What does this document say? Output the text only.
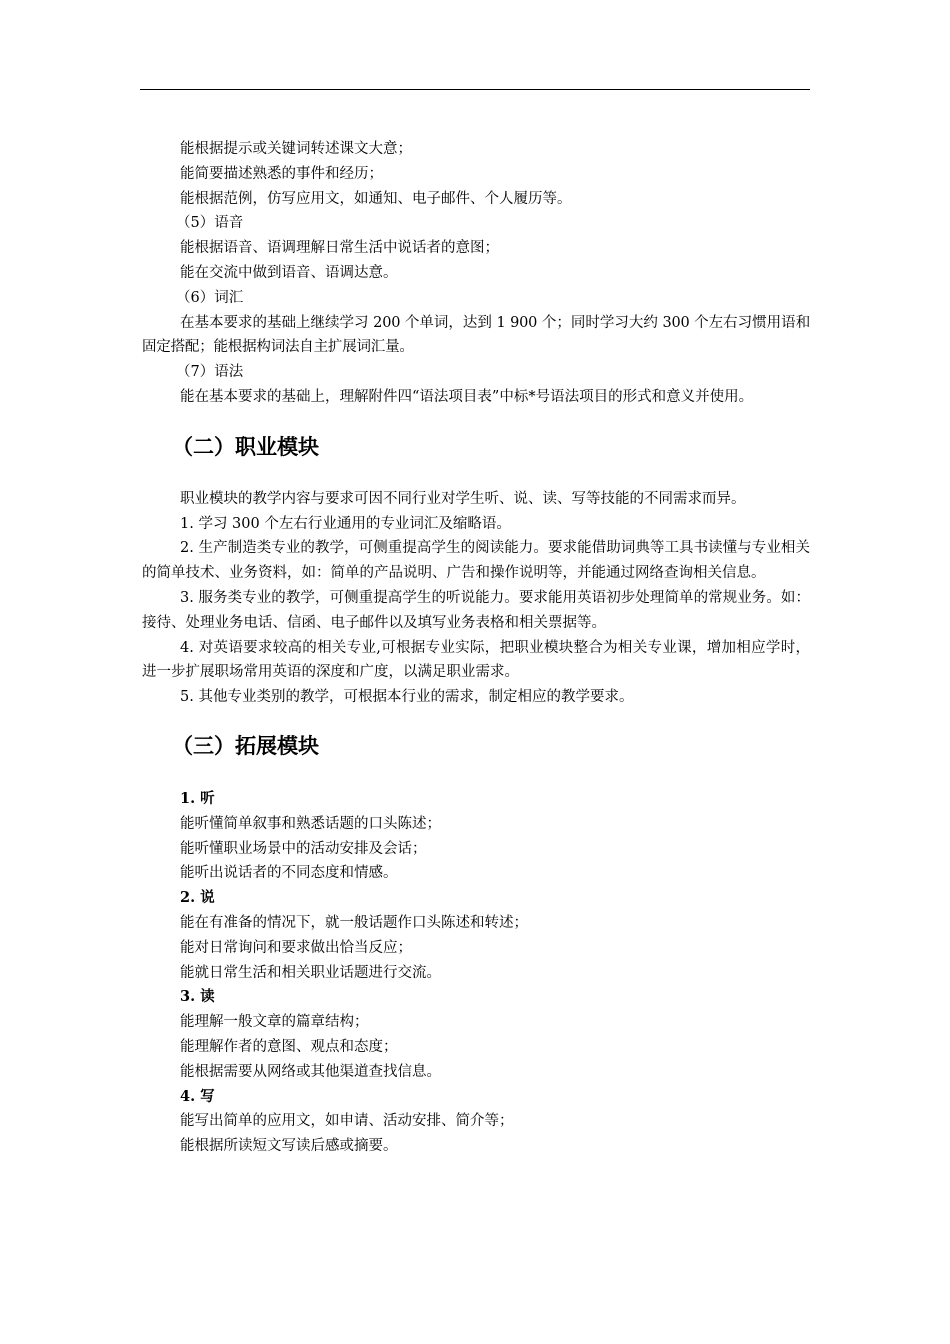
能根据提示或关键词转述课文大意；

能简要描述熟悉的事件和经历；

能根据范例，仿写应用文，如通知、电子邮件、个人履历等。

（5）语音

能根据语音、语调理解日常生活中说话者的意图；

能在交流中做到语音、语调达意。

（6）词汇

在基本要求的基础上继续学习 200 个单词，达到 1 900 个；同时学习大约 300 个左右习惯用语和固定搭配；能根据构词法自主扩展词汇量。

（7）语法

能在基本要求的基础上，理解附件四“语法项目表”中标*号语法项目的形式和意义并使用。

（二）职业模块

职业模块的教学内容与要求可因不同行业对学生听、说、读、写等技能的不同需求而异。

1. 学习 300 个左右行业通用的专业词汇及缩略语。

2. 生产制造类专业的教学，可侧重提高学生的阅读能力。要求能借助词典等工具书读懂与专业相关的简单技术、业务资料，如：简单的产品说明、广告和操作说明等，并能通过网络查询相关信息。

3. 服务类专业的教学，可侧重提高学生的听说能力。要求能用英语初步处理简单的常规业务。如：接待、处理业务电话、信函、电子邮件以及填写业务表格和相关票据等。

4. 对英语要求较高的相关专业,可根据专业实际，把职业模块整合为相关专业课，增加相应学时，进一步扩展职场常用英语的深度和广度，以满足职业需求。

5. 其他专业类别的教学，可根据本行业的需求，制定相应的教学要求。

（三）拓展模块

1. 听

能听懂简单叙事和熟悉话题的口头陈述；

能听懂职业场景中的活动安排及会话；

能听出说话者的不同态度和情感。

2. 说

能在有准备的情况下，就一般话题作口头陈述和转述；

能对日常询问和要求做出恰当反应；

能就日常生活和相关职业话题进行交流。

3. 读

能理解一般文章的篇章结构；

能理解作者的意图、观点和态度；

能根据需要从网络或其他渠道查找信息。

4. 写

能写出简单的应用文，如申请、活动安排、简介等；

能根据所读短文写读后感或摘要。
